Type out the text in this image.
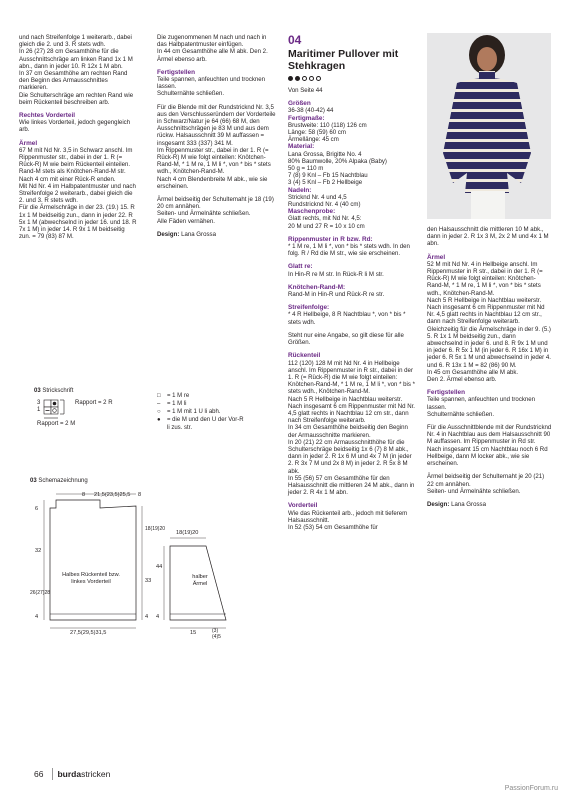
und nach Streifenfolge 1 weiterarb., dabei gleich die 2. und 3. R stets wdh.
In 26 (27) 28 cm Gesamthöhe für die Ausschnittschräge am linken Rand 1x 1 M abn., dann in jeder 10. R 12x 1 M abn.
In 37 cm Gesamthöhe am rechten Rand den Beginn des Armausschnittes markieren.
Die Schulterschräge am rechten Rand wie beim Rückenteil beschreiben arb.

Rechtes Vorderteil

Wie linkes Vorderteil, jedoch gegengleich arb.

Ärmel

67 M mit Nd Nr. 3,5 in Schwarz anschl. Im Rippenmuster str., dabei in der 1. R (= Rück-R) M wie beim Rückenteil einteilen. Rand-M stets als Knötchen-Rand-M str.
Nach 4 cm mit einer Rück-R enden.
Mit Nd Nr. 4 im Halbpatentmuster und nach Streifenfolge 2 weiterarb., dabei gleich die 2. und 3. R stets wdh.
Für die Ärmelschräge in der 23. (19.) 15. R 1x 1 M beidseitig zun., dann in jeder 22. R 5x 1 M (abwechselnd in jeder 16. und 18. R 7x 1 M) in jeder 14. R 9x 1 M beidseitig zun. = 79 (83) 87 M.

Die zugenommenen M nach und nach in das Halbpatentmuster einfügen.
In 44 cm Gesamthöhe alle M abk. Den 2. Ärmel ebenso arb.

Fertigstellen

Teile spannen, anfeuchten und trocknen lassen.
Schulternähte schließen.

Für die Blende mit der Rundstricknd Nr. 3,5 aus den Verschlusseründern der Vorderteile in Schwarz/Natur je 64 (66) 68 M, den Ausschnittschrägen je 83 M und aus dem rückw. Halsausschnitt 39 M auffassen = insgesamt 333 (337) 341 M.
Im Rippenmuster str., dabei in der 1. R (= Rück-R) M wie folgt einteilen: Knötchen-Rand-M, * 1 M re, 1 M li *, von * bis * stets wdh., Knötchen-Rand-M.
Nach 4 cm Blendenbreite M abk., wie sie erscheinen.

Ärmel beidseitig der Schultemaht je 18 (19) 20 cm annähen.
Seiten- und Ärmelnähte schließen.
Alle Fäden vernähen.

Design: Lana Grossa

04
Maritimer Pullover mit Stehkragen

Von Seite 44

Größen

36-38 (40-42) 44

Fertigmaße:

Brustweite: 110 (118) 126 cm
Länge: 58 (59) 60 cm
Ärmellänge: 45 cm

Material:

Lana Grossa, Brigitte No. 4
80% Baumwolle, 20% Alpaka (Baby)
50 g = 110 m
7 (8) 9 Knl – Fb 15 Nachtblau
3 (4) 5 Knl – Fb 2 Hellbeige

Nadeln:

Stricknd Nr. 4 und 4,5
Rundstricknd Nr. 4 (40 cm)

Maschenprobe:

Glatt rechts, mit Nd Nr. 4,5:
20 M und 27 R = 10 x 10 cm

Rippenmuster in R bzw. Rd:

* 1 M re, 1 M li *, von * bis * stets wdh. In den folg. R / Rd die M str., wie sie erscheinen.

Glatt re:

In Hin-R re M str. In Rück-R li M str.

Knötchen-Rand-M:

Rand-M in Hin-R und Rück-R re str.

Streifenfolge:

* 4 R Hellbeige, 8 R Nachtblau *, von * bis * stets wdh.

Steht nur eine Angabe, so gilt diese für alle Größen.

Rückenteil

112 (120) 128 M mit Nd Nr. 4 in Hellbeige anschl. Im Rippenmuster in R str., dabei in der 1. R (= Rück-R) die M wie folgt einteilen: Knötchen-Rand-M, * 1 M re, 1 M li *, von * bis * stets wdh., Knötchen-Rand-M.
Nach 5 R Hellbeige in Nachtblau weiterstr.
Nach insgesamt 6 cm Rippenmuster mit Nd Nr. 4,5 glatt rechts in Nachtblau 12 cm str., dann nach Streifenfolge weiterarb.
In 34 cm Gesamthöhe beidseitig den Beginn der Armausschnitte markieren.
In 20 (21) 22 cm Armausschnitthöhe für die Schulterschräge beidseitig 1x 6 (7) 8 M abk., dann in jeder 2. R 1x 6 M und 4x 7 M (in jeder 2. R 3x 7 M und 2x 8 M) in jeder 2. R 5x 8 M abk.
In 55 (56) 57 cm Gesamthöhe für den Halsausschnitt die mittleren 24 M abk., dann in jeder 2. R 4x 1 M abn.

Vorderteil

Wie das Rückenteil arb., jedoch mit tieferem Halsausschnitt.
In 52 (53) 54 cm Gesamthöhe für

den Halsausschnitt die mittleren 10 M abk., dann in jeder 2. R 1x 3 M, 2x 2 M und 4x 1 M abn.

Ärmel

52 M mit Nd Nr. 4 in Hellbeige anschl. Im Rippenmuster in R str., dabei in der 1. R (= Rück-R) M wie folgt einteilen: Knötchen-Rand-M, * 1 M re, 1 M li *, von * bis * stets wdh., Knötchen-Rand-M.
Nach 5 R Hellbeige in Nachtblau weiterstr.
Nach insgesamt 6 cm Rippenmuster mit Nd Nr. 4,5 glatt rechts in Nachtblau 12 cm str., dann nach Streifenfolge weiterarb.
Gleichzeitig für die Ärmelschräge in der 9. (5.) 5. R 1x 1 M beidseitig zun., dann abwechselnd in jeder 6. und 8. R 9x 1 M und in jeder 6. R 5x 1 M (in jeder 6. R 16x 1 M) in jeder 6. R 5x 1 M und abwechselnd in jeder 4. und 6. R 13x 1 M = 82 (86) 90 M.
In 45 cm Gesamthöhe alle M abk.
Den 2. Ärmel ebenso arb.

Fertigstellen

Teile spannen, anfeuchten und trocknen lassen.
Schulternähte schließen.

Für die Ausschnittblende mit der Rundstricknd Nr. 4 in Nachtblau aus dem Halsausschnitt 90 M auffassen. Im Rippenmuster in Rd str.
Nach insgesamt 15 cm Nachtblau noch 6 Rd Hellbeige, dann M locker abk., wie sie erscheinen.

Ärmel beidseitig der Schulternaht je 20 (21) 22 cm annähen.
Seiten- und Ärmelnähte schließen.

Design: Lana Grossa

03 Strickschrift
3
1
Rapport = 2 R
Rapport = 2 M
□	= 1 M re
–	= 1 M li
○	= 1 M mit 1 U li abh.
●	= die M und den U der Vor-R li zus. str.
03 Schemazeichnung
8 21,5(23,5)25,5 8
6
32
26(27)28
4
18(19)20
33
4
27,5(29,5)31,5
Halbes Rückenteil bzw. linkes Vorderteil
18(19)20
halber Ärmel
44
4
15	(3)(4)5
66 burdastricken
PassionForum.ru
